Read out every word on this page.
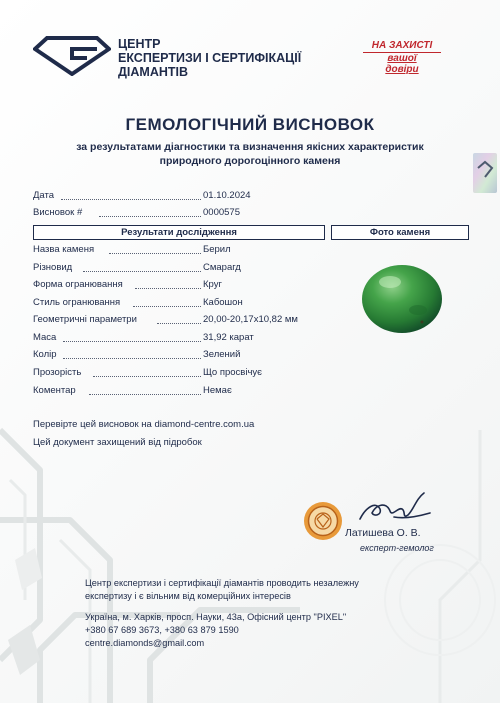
ЦЕНТР
ЕКСПЕРТИЗИ І СЕРТИФІКАЦІЇ
ДІАМАНТІВ
НА ЗАХИСТІ
вашої
довіри
ГЕМОЛОГІЧНИЙ ВИСНОВОК
за результатами діагностики та визначення якісних характеристик
природного дорогоцінного каменя
Дата	01.10.2024
Висновок #	0000575
Результати дослідження	Фото каменя
Назва каменя	Берил
Різновид	Смарагд
Форма огранювання	Круг
Стиль огранювання	Кабошон
Геометричні параметри	20,00-20,17x10,82 мм
Маса	31,92 карат
Колір	Зелений
Прозорість	Що просвічує
Коментар	Немає
Перевірте цей висновок на diamond-centre.com.ua
Цей документ захищений від підробок
Латишева О. В.
експерт-гемолог
Центр експертизи і сертифікації діамантів проводить незалежну
експертизу і є вільним від комерційних інтересів
Україна, м. Харків, просп. Науки, 43а, Офісний центр "PIXEL"
+380 67 689 3673, +380 63 879 1590
centre.diamonds@gmail.com
